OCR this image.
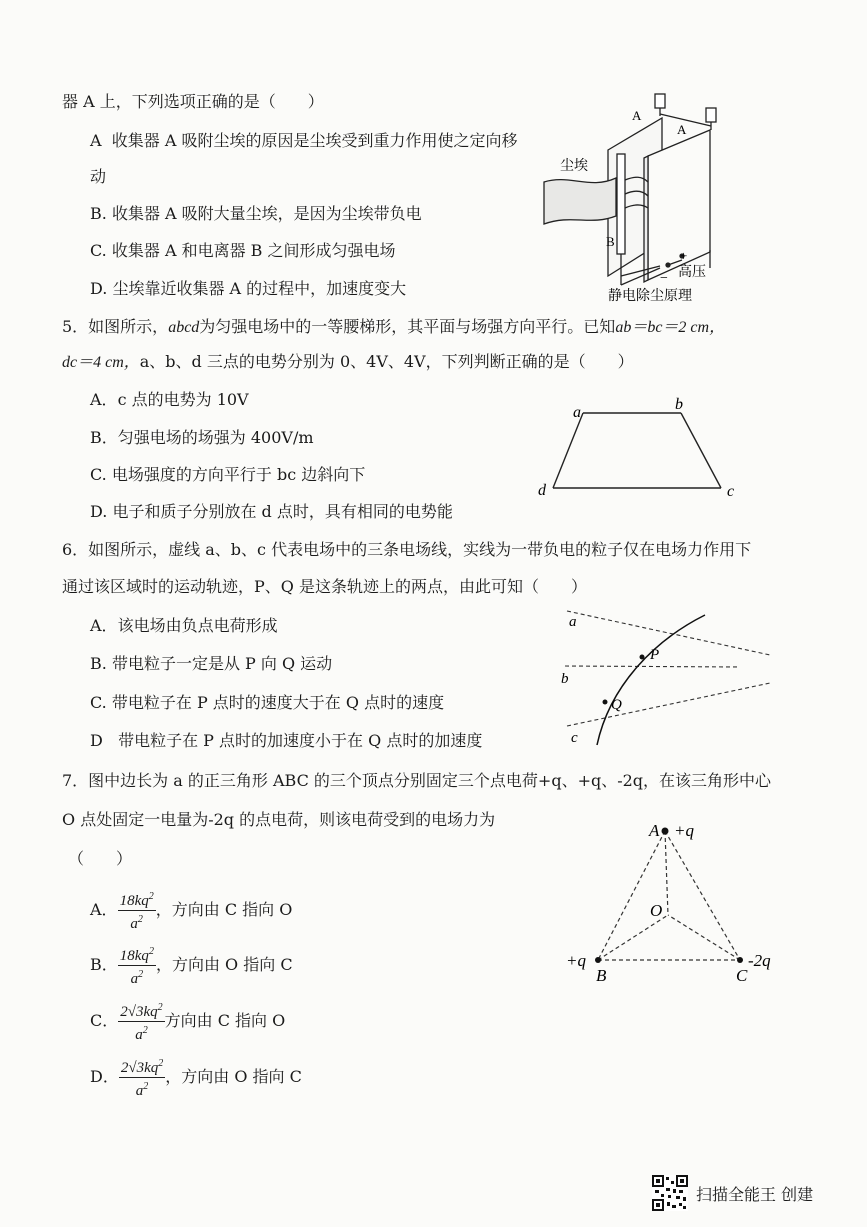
器 A 上，下列选项正确的是（　　）
A 收集器 A 吸附尘埃的原因是尘埃受到重力作用使之定向移
动
B. 收集器 A 吸附大量尘埃，是因为尘埃带负电
C. 收集器 A 和电离器 B 之间形成匀强电场
D. 尘埃靠近收集器 A 的过程中，加速度变大
尘埃
A
A
B
−
+
高压
静电除尘原理
5．如图所示，abcd为匀强电场中的一等腰梯形，其平面与场强方向平行。已知ab＝bc＝2 cm，
dc＝4 cm，a、b、d 三点的电势分别为 0、4V、4V，下列判断正确的是（　　）
A．c 点的电势为 10V
B．匀强电场的场强为 400V/m
C. 电场强度的方向平行于 bc 边斜向下
D. 电子和质子分别放在 d 点时，具有相同的电势能
a	b
c
d
6．如图所示，虚线 a、b、c 代表电场中的三条电场线，实线为一带负电的粒子仅在电场力作用下
通过该区域时的运动轨迹，P、Q 是这条轨迹上的两点，由此可知（　　）
A．该电场由负点电荷形成
B. 带电粒子一定是从 P 向 Q 运动
C. 带电粒子在 P 点时的速度大于在 Q 点时的速度
D 带电粒子在 P 点时的加速度小于在 Q 点时的加速度
a
b
c
P
Q
7．图中边长为 a 的正三角形 ABC 的三个顶点分别固定三个点电荷+q、+q、-2q，在该三角形中心
O 点处固定一电量为-2q 的点电荷，则该电荷受到的电场力为
（　　）
A． $\frac{18kq^2}{a^2}$ ，方向由 C 指向 O
B． $\frac{18kq^2}{a^2}$ ，方向由 O 指向 C
C． $\frac{2√3kq^2}{a^2}$ 方向由 C 指向 O
D． $\frac{2√3kq^2}{a^2}$ ，方向由 O 指向 C
A +q
B
+q
C
-2q
O
扫描全能王 创建
